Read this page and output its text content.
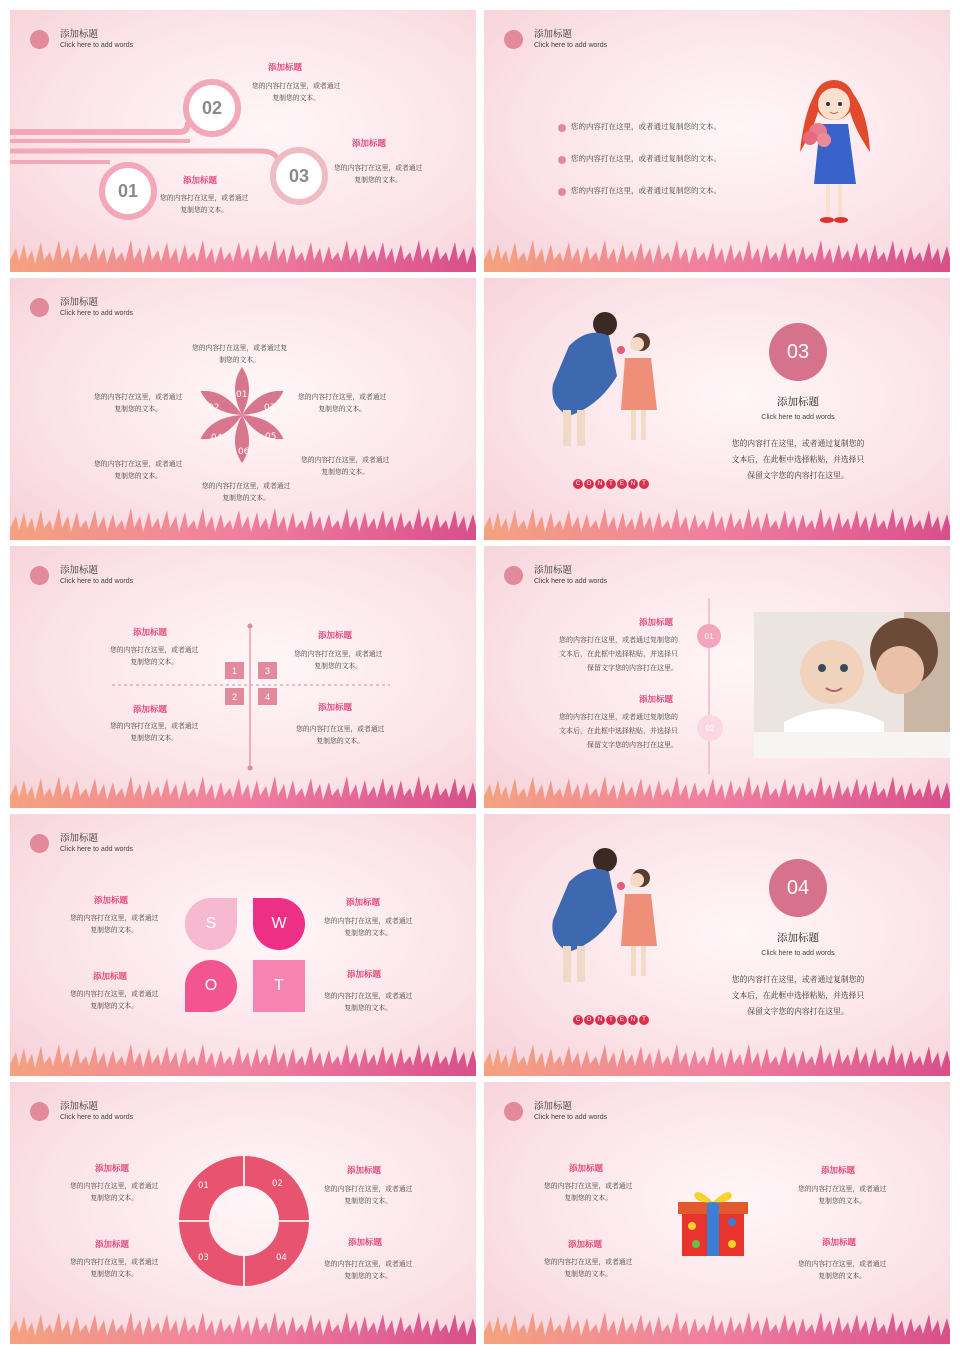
添加标题
Click here to add words
02
03
01
添加标题
您的内容打在这里，或者通过
复制您的文本。
添加标题
您的内容打在这里，或者通过
复制您的文本。
添加标题
您的内容打在这里，或者通过
复制您的文本。
添加标题
Click here to add words
您的内容打在这里，或者通过复制您的文本。
您的内容打在这里，或者通过复制您的文本。
您的内容打在这里，或者通过复制您的文本。
添加标题
Click here to add words
01
02	03
04	05
06
您的内容打在这里，或者通过复
制您的文本。
您的内容打在这里，或者通过
复制您的文本。
您的内容打在这里，或者通过
复制您的文本。
您的内容打在这里，或者通过
复制您的文本。
您的内容打在这里，或者通过
复制您的文本。
您的内容打在这里，或者通过
复制您的文本。
C	O	N	T	E	N	T
03
添加标题
Click here to add words
您的内容打在这里，或者通过复制您的
文本后，在此框中选择粘贴，并选择只
保留文字您的内容打在这里。
添加标题
Click here to add words
1	3
2	4
添加标题
您的内容打在这里，或者通过
复制您的文本。
添加标题
您的内容打在这里，或者通过
复制您的文本。
添加标题
您的内容打在这里，或者通过
复制您的文本。
添加标题
您的内容打在这里，或者通过
复制您的文本。
添加标题
Click here to add words
01
02
添加标题
您的内容打在这里，或者通过复制您的
文本后，在此框中选择粘贴，并选择只
保留文字您的内容打在这里。
添加标题
您的内容打在这里，或者通过复制您的
文本后，在此框中选择粘贴，并选择只
保留文字您的内容打在这里。
添加标题
Click here to add words
S	W
O	T
添加标题
您的内容打在这里，或者通过
复制您的文本。
添加标题
您的内容打在这里，或者通过
复制您的文本。
添加标题
您的内容打在这里，或者通过
复制您的文本。
添加标题
您的内容打在这里，或者通过
复制您的文本。
C	O	N	T	E	N	T
04
添加标题
Click here to add words
您的内容打在这里，或者通过复制您的
文本后，在此框中选择粘贴，并选择只
保留文字您的内容打在这里。
添加标题
Click here to add words
01	02
03	04
添加标题
您的内容打在这里，或者通过
复制您的文本。
添加标题
您的内容打在这里，或者通过
复制您的文本。
添加标题
您的内容打在这里，或者通过
复制您的文本。
添加标题
您的内容打在这里，或者通过
复制您的文本。
添加标题
Click here to add words
添加标题
您的内容打在这里，或者通过
复制您的文本。
添加标题
您的内容打在这里，或者通过
复制您的文本。
添加标题
您的内容打在这里，或者通过
复制您的文本。
添加标题
您的内容打在这里，或者通过
复制您的文本。
